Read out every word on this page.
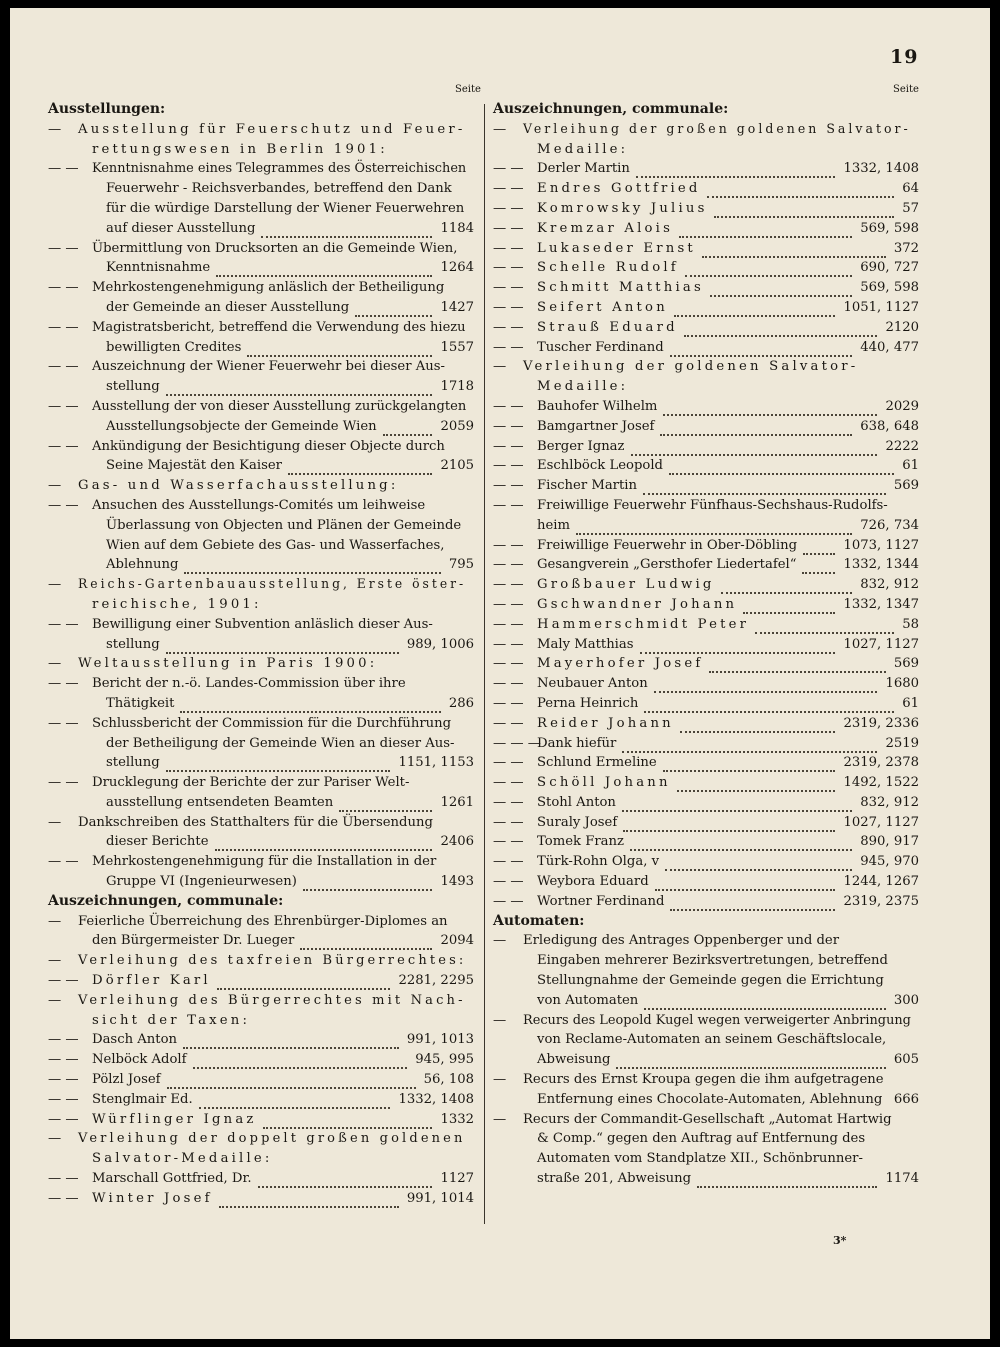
19
Seite	Seite
Ausstellungen:
— Ausstellung für Feuerschutz und Feuer-
rettungswesen in Berlin 1901:
— — Kenntnisnahme eines Telegrammes des Österreichischen
Feuerwehr - Reichsverbandes, betreffend den Dank
für die würdige Darstellung der Wiener Feuerwehren
auf dieser Ausstellung	1184
— — Übermittlung von Drucksorten an die Gemeinde Wien,
Kenntnisnahme	1264
— — Mehrkostengenehmigung anläslich der Betheiligung
der Gemeinde an dieser Ausstellung	1427
— — Magistratsbericht, betreffend die Verwendung des hiezu
bewilligten Credites	1557
— — Auszeichnung der Wiener Feuerwehr bei dieser Aus-
stellung	1718
— — Ausstellung der von dieser Ausstellung zurückgelangten
Ausstellungsobjecte der Gemeinde Wien	2059
— — Ankündigung der Besichtigung dieser Objecte durch
Seine Majestät den Kaiser	2105
— Gas- und Wasserfachausstellung:
— — Ansuchen des Ausstellungs-Comités um leihweise
Überlassung von Objecten und Plänen der Gemeinde
Wien auf dem Gebiete des Gas- und Wasserfaches,
Ablehnung	795
— Reichs-Gartenbauausstellung, Erste öster-
reichische, 1901:
— — Bewilligung einer Subvention anläslich dieser Aus-
stellung	989, 1006
— Weltausstellung in Paris 1900:
— — Bericht der n.-ö. Landes-Commission über ihre
Thätigkeit	286
— — Schlussbericht der Commission für die Durchführung
der Betheiligung der Gemeinde Wien an dieser Aus-
stellung	1151, 1153
— — Drucklegung der Berichte der zur Pariser Welt-
ausstellung entsendeten Beamten	1261
— Dankschreiben des Statthalters für die Übersendung
dieser Berichte	2406
— — Mehrkostengenehmigung für die Installation in der
Gruppe VI (Ingenieurwesen)	1493
Auszeichnungen, communale:
— Feierliche Überreichung des Ehrenbürger-Diplomes an
den Bürgermeister Dr. Lueger	2094
— Verleihung des taxfreien Bürgerrechtes:
— — Dörfler Karl	2281, 2295
— Verleihung des Bürgerrechtes mit Nach-
sicht der Taxen:
— — Dasch Anton	991, 1013
— — Nelböck Adolf	945, 995
— — Pölzl Josef	56, 108
— — Stenglmair Ed.	1332, 1408
— — Würflinger Ignaz	1332
— Verleihung der doppelt großen goldenen
Salvator-Medaille:
— — Marschall Gottfried, Dr.	1127
— — Winter Josef	991, 1014
Auszeichnungen, communale:
— Verleihung der großen goldenen Salvator-
Medaille:
— — Derler Martin	1332, 1408
— — Endres Gottfried	64
— — Komrowsky Julius	57
— — Kremzar Alois	569, 598
— — Lukaseder Ernst	372
— — Schelle Rudolf	690, 727
— — Schmitt Matthias	569, 598
— — Seifert Anton	1051, 1127
— — Strauß Eduard	2120
— — Tuscher Ferdinand	440, 477
— Verleihung der goldenen Salvator-
Medaille:
— — Bauhofer Wilhelm	2029
— — Bamgartner Josef	638, 648
— — Berger Ignaz	2222
— — Eschlböck Leopold	61
— — Fischer Martin	569
— — Freiwillige Feuerwehr Fünfhaus-Sechshaus-Rudolfs-
heim	726, 734
— — Freiwillige Feuerwehr in Ober-Döbling	1073, 1127
— — Gesangverein „Gersthofer Liedertafel“	1332, 1344
— — Großbauer Ludwig	832, 912
— — Gschwandner Johann	1332, 1347
— — Hammerschmidt Peter	58
— — Maly Matthias	1027, 1127
— — Mayerhofer Josef	569
— — Neubauer Anton	1680
— — Perna Heinrich	61
— — Reider Johann	2319, 2336
— — —Dank hiefür	2519
— — Schlund Ermeline	2319, 2378
— — Schöll Johann	1492, 1522
— — Stohl Anton	832, 912
— — Suraly Josef	1027, 1127
— — Tomek Franz	890, 917
— — Türk-Rohn Olga, v	945, 970
— — Weybora Eduard	1244, 1267
— — Wortner Ferdinand	2319, 2375
Automaten:
— Erledigung des Antrages Oppenberger und der
Eingaben mehrerer Bezirksvertretungen, betreffend
Stellungnahme der Gemeinde gegen die Errichtung
von Automaten	300
— Recurs des Leopold Kugel wegen verweigerter Anbringung
von Reclame-Automaten an seinem Geschäftslocale,
Abweisung	605
— Recurs des Ernst Kroupa gegen die ihm aufgetragene
Entfernung eines Chocolate-Automaten, Ablehnung 666
— Recurs der Commandit-Gesellschaft „Automat Hartwig
& Comp.“ gegen den Auftrag auf Entfernung des
Automaten vom Standplatze XII., Schönbrunner-
straße 201, Abweisung	1174
3*
